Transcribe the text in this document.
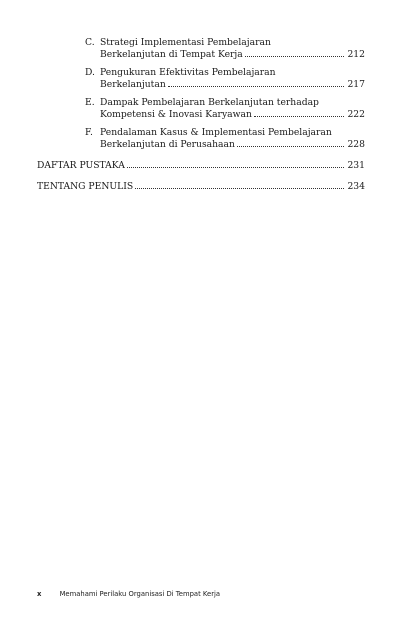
C. Strategi Implementasi Pembelajaran
Berkelanjutan di Tempat Kerja	212
D. Pengukuran Efektivitas Pembelajaran
Berkelanjutan	217
E. Dampak Pembelajaran Berkelanjutan terhadap
Kompetensi & Inovasi Karyawan	222
F. Pendalaman Kasus & Implementasi Pembelajaran
Berkelanjutan di Perusahaan	228
DAFTAR PUSTAKA	231
TENTANG PENULIS	234
x	Memahami Perilaku Organisasi Di Tempat Kerja
